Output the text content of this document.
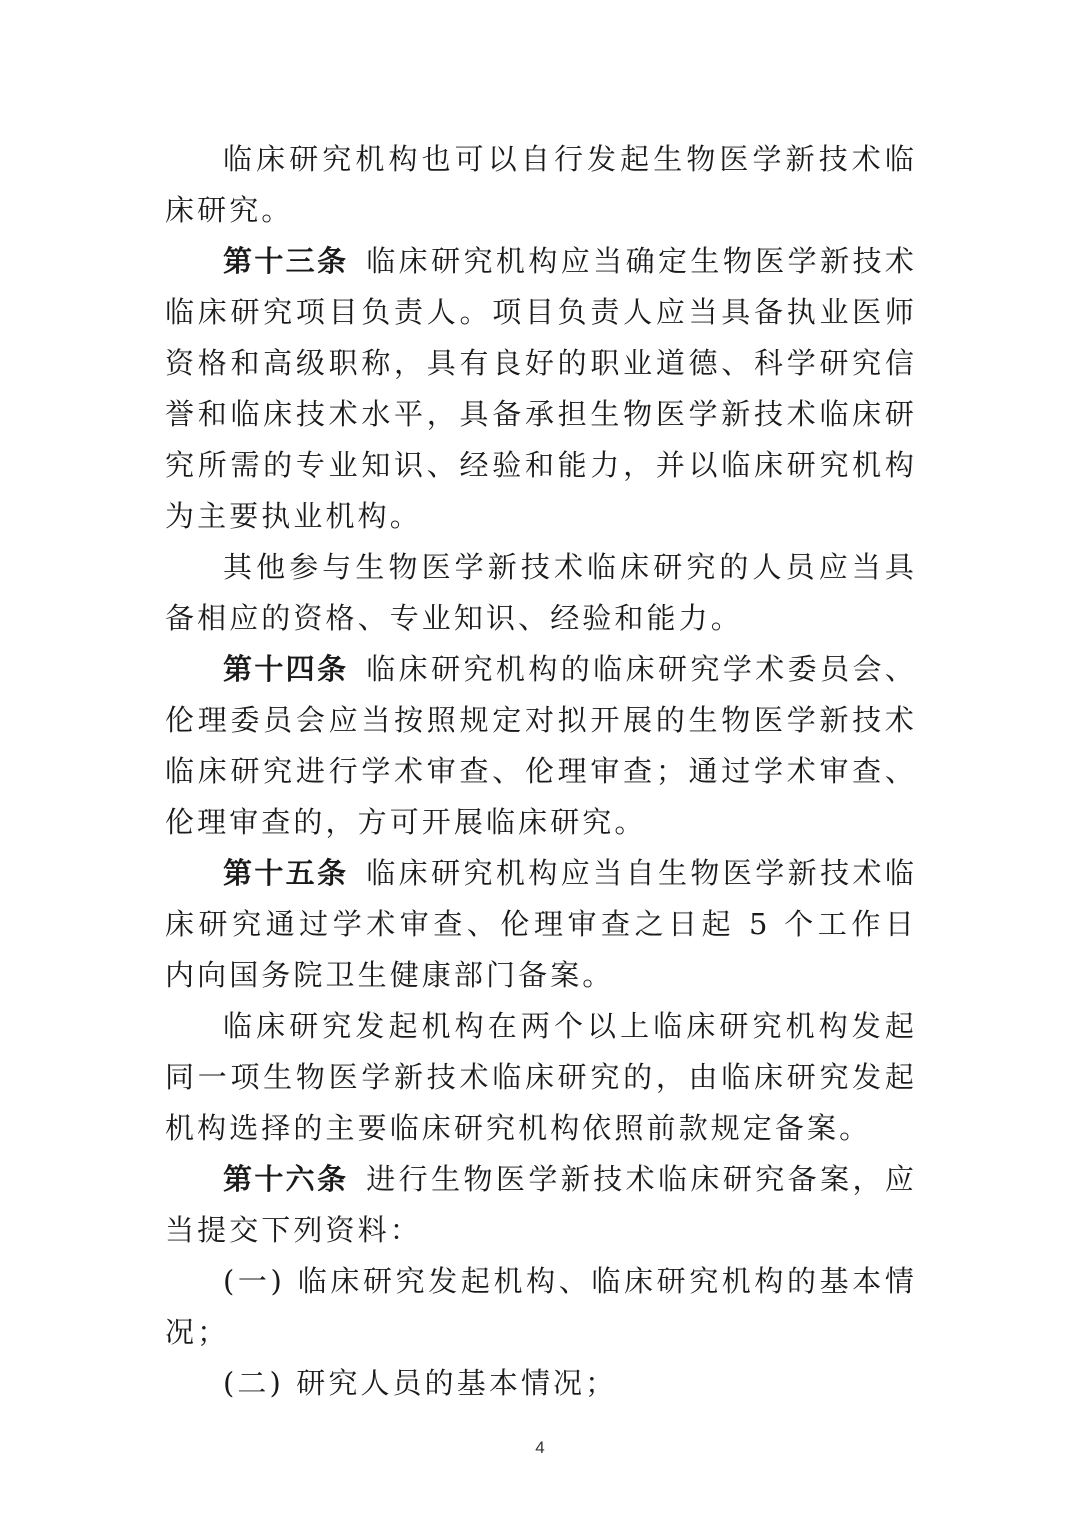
临床研究机构也可以自行发起生物医学新技术临床研究。

第十三条 临床研究机构应当确定生物医学新技术临床研究项目负责人。项目负责人应当具备执业医师资格和高级职称，具有良好的职业道德、科学研究信誉和临床技术水平，具备承担生物医学新技术临床研究所需的专业知识、经验和能力，并以临床研究机构为主要执业机构。

其他参与生物医学新技术临床研究的人员应当具备相应的资格、专业知识、经验和能力。

第十四条 临床研究机构的临床研究学术委员会、伦理委员会应当按照规定对拟开展的生物医学新技术临床研究进行学术审查、伦理审查；通过学术审查、伦理审查的，方可开展临床研究。

第十五条 临床研究机构应当自生物医学新技术临床研究通过学术审查、伦理审查之日起 5 个工作日内向国务院卫生健康部门备案。

临床研究发起机构在两个以上临床研究机构发起同一项生物医学新技术临床研究的，由临床研究发起机构选择的主要临床研究机构依照前款规定备案。

第十六条 进行生物医学新技术临床研究备案，应当提交下列资料：

(一) 临床研究发起机构、临床研究机构的基本情况；

(二) 研究人员的基本情况；

4
